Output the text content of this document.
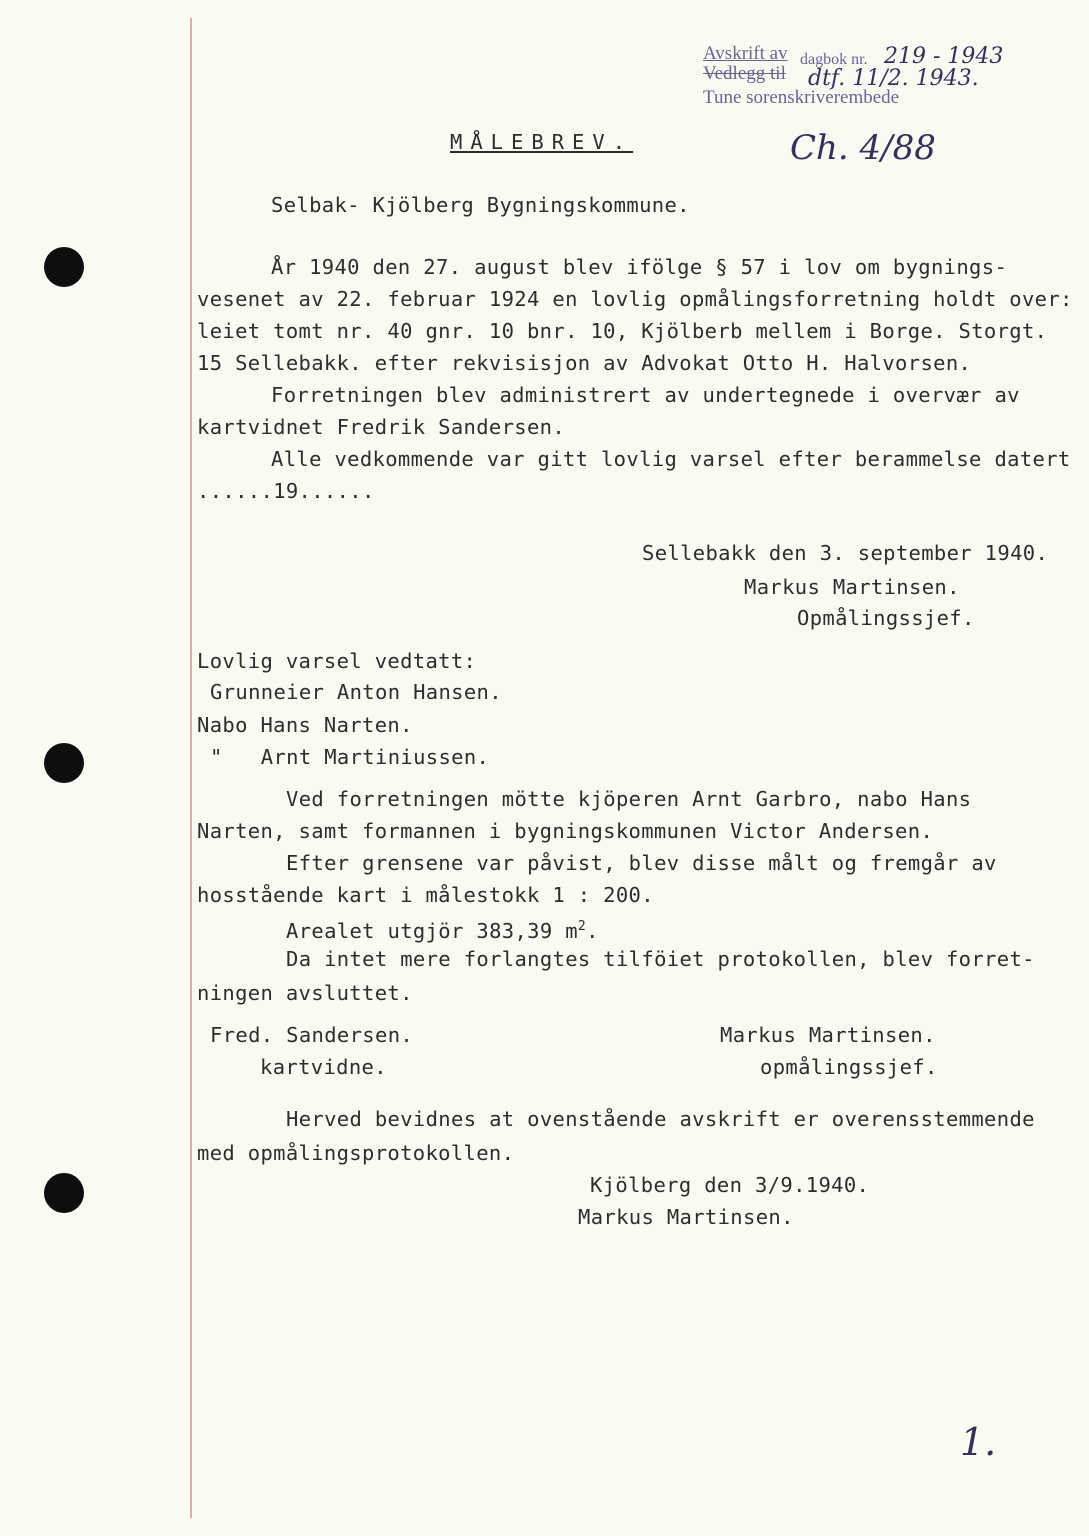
Avskrift av dagbok nr.
Vedlegg til
Tune sorenskriverembede
219 - 1943
dtf. 11/2. 1943.
Ch. 4/88
1.
MÅLEBREV.
Selbak- Kjölberg Bygningskommune.
År 1940 den 27. august blev ifölge § 57 i lov om bygnings-
vesenet av 22. februar 1924 en lovlig opmålingsforretning holdt over:
leiet tomt nr. 40 gnr. 10 bnr. 10, Kjölberb mellem i Borge. Storgt.
15 Sellebakk. efter rekvisisjon av Advokat Otto H. Halvorsen.
Forretningen blev administrert av undertegnede i overvær av
kartvidnet Fredrik Sandersen.
Alle vedkommende var gitt lovlig varsel efter berammelse datert
......19......
Sellebakk den 3. september 1940.
Markus Martinsen.
Opmålingssjef.
Lovlig varsel vedtatt:
Grunneier Anton Hansen.
Nabo Hans Narten.
"   Arnt Martiniussen.
Ved forretningen mötte kjöperen Arnt Garbro, nabo Hans
Narten, samt formannen i bygningskommunen Victor Andersen.
Efter grensene var påvist, blev disse målt og fremgår av
hosstående kart i målestokk 1 : 200.
Arealet utgjör 383,39 $m^2$.
Da intet mere forlangtes tilföiet protokollen, blev forret-
ningen avsluttet.
Fred. Sandersen.
kartvidne.
Markus Martinsen.
opmålingssjef.
Herved bevidnes at ovenstående avskrift er overensstemmende
med opmålingsprotokollen.
Kjölberg den 3/9.1940.
Markus Martinsen.
